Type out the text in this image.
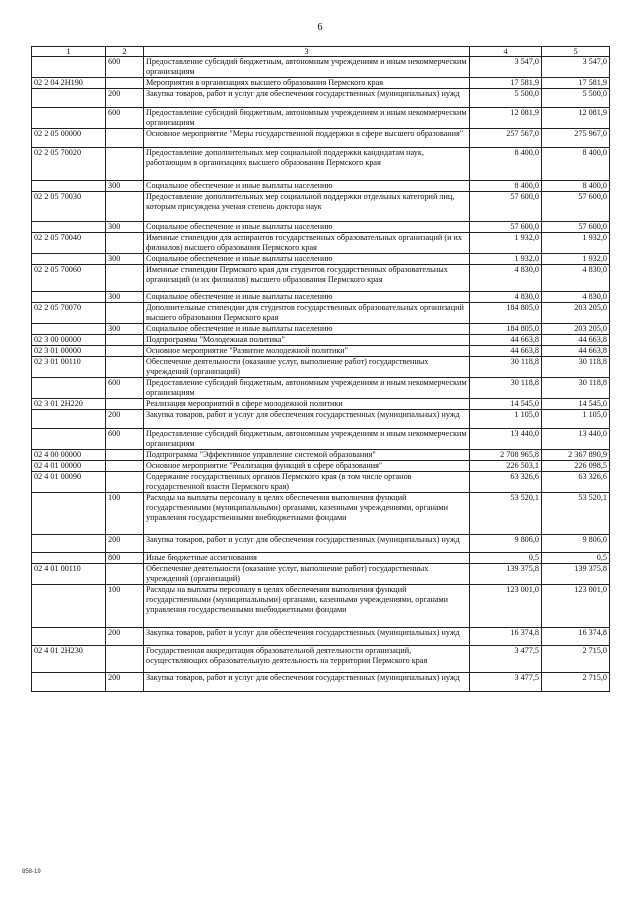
6
1	2	3	4	5
	600	Предоставление субсидий бюджетным, автономным учреждениям и иным некоммерческим организациям	3 547,0	3 547,0
02 2 04 2Н190		Мероприятия в организациях высшего образования Пермского края	17 581,9	17 581,9
	200	Закупка товаров, работ и услуг для обеспечения государственных (муниципальных) нужд	5 500,0	5 500,0
	600	Предоставление субсидий бюджетным, автономным учреждениям и иным некоммерческим организациям	12 081,9	12 081,9
02 2 05 00000		Основное мероприятие "Меры государственной поддержки в сфере высшего образования"	257 567,0	275 967,0
02 2 05 70020		Предоставление дополнительных мер социальной поддержки кандидатам наук, работающим в организациях высшего образования Пермского края	8 400,0	8 400,0
	300	Социальное обеспечение и иные выплаты населению	8 400,0	8 400,0
02 2 05 70030		Предоставление дополнительных мер социальной поддержки отдельных категорий лиц, которым присуждена ученая степень доктора наук	57 600,0	57 600,0
	300	Социальное обеспечение и иные выплаты населению	57 600,0	57 600,0
02 2 05 70040		Именные стипендии для аспирантов государственных образовательных организаций (и их филиалов) высшего образования Пермского края	1 932,0	1 932,0
	300	Социальное обеспечение и иные выплаты населению	1 932,0	1 932,0
02 2 05 70060		Именные стипендии Пермского края для студентов государственных образовательных организаций (и их филиалов) высшего образования Пермского края	4 830,0	4 830,0
	300	Социальное обеспечение и иные выплаты населению	4 830,0	4 830,0
02 2 05 70070		Дополнительные стипендии для студентов государственных образовательных организаций высшего образования Пермского края	184 805,0	203 205,0
	300	Социальное обеспечение и иные выплаты населению	184 805,0	203 205,0
02 3 00 00000		Подпрограмма "Молодежная политика"	44 663,8	44 663,8
02 3 01 00000		Основное мероприятие "Развитие молодежной политики"	44 663,8	44 663,8
02 3 01 00110		Обеспечение деятельности (оказание услуг, выполнение работ) государственных учреждений (организаций)	30 118,8	30 118,8
	600	Предоставление субсидий бюджетным, автономным учреждениям и иным некоммерческим организациям	30 118,8	30 118,8
02 3 01 2Н220		Реализация мероприятий в сфере молодежной политики	14 545,0	14 545,0
	200	Закупка товаров, работ и услуг для обеспечения государственных (муниципальных) нужд	1 105,0	1 105,0
	600	Предоставление субсидий бюджетным, автономным учреждениям и иным некоммерческим организациям	13 440,0	13 440,0
02 4 00 00000		Подпрограмма "Эффективное управление системой образования"	2 708 965,8	2 367 890,9
02 4 01 00000		Основное мероприятие "Реализация функций в сфере образования"	226 503,1	226 098,5
02 4 01 00090		Содержание государственных органов Пермского края (в том числе органов государственной власти Пермского края)	63 326,6	63 326,6
	100	Расходы на выплаты персоналу в целях обеспечения выполнения функций государственными (муниципальными) органами, казенными учреждениями, органами управления государственными внебюджетными фондами	53 520,1	53 520,1
	200	Закупка товаров, работ и услуг для обеспечения государственных (муниципальных) нужд	9 806,0	9 806,0
	800	Иные бюджетные ассигнования	0,5	0,5
02 4 01 00110		Обеспечение деятельности (оказание услуг, выполнение работ) государственных учреждений (организаций)	139 375,8	139 375,8
	100	Расходы на выплаты персоналу в целях обеспечения выполнения функций государственными (муниципальными) органами, казенными учреждениями, органами управления государственными внебюджетными фондами	123 001,0	123 001,0
	200	Закупка товаров, работ и услуг для обеспечения государственных (муниципальных) нужд	16 374,8	16 374,8
02 4 01 2Н230		Государственная аккредитация образовательной деятельности организаций, осуществляющих образовательную деятельность на территории Пермского края	3 477,5	2 715,0
	200	Закупка товаров, работ и услуг для обеспечения государственных (муниципальных) нужд	3 477,5	2 715,0
858-19
